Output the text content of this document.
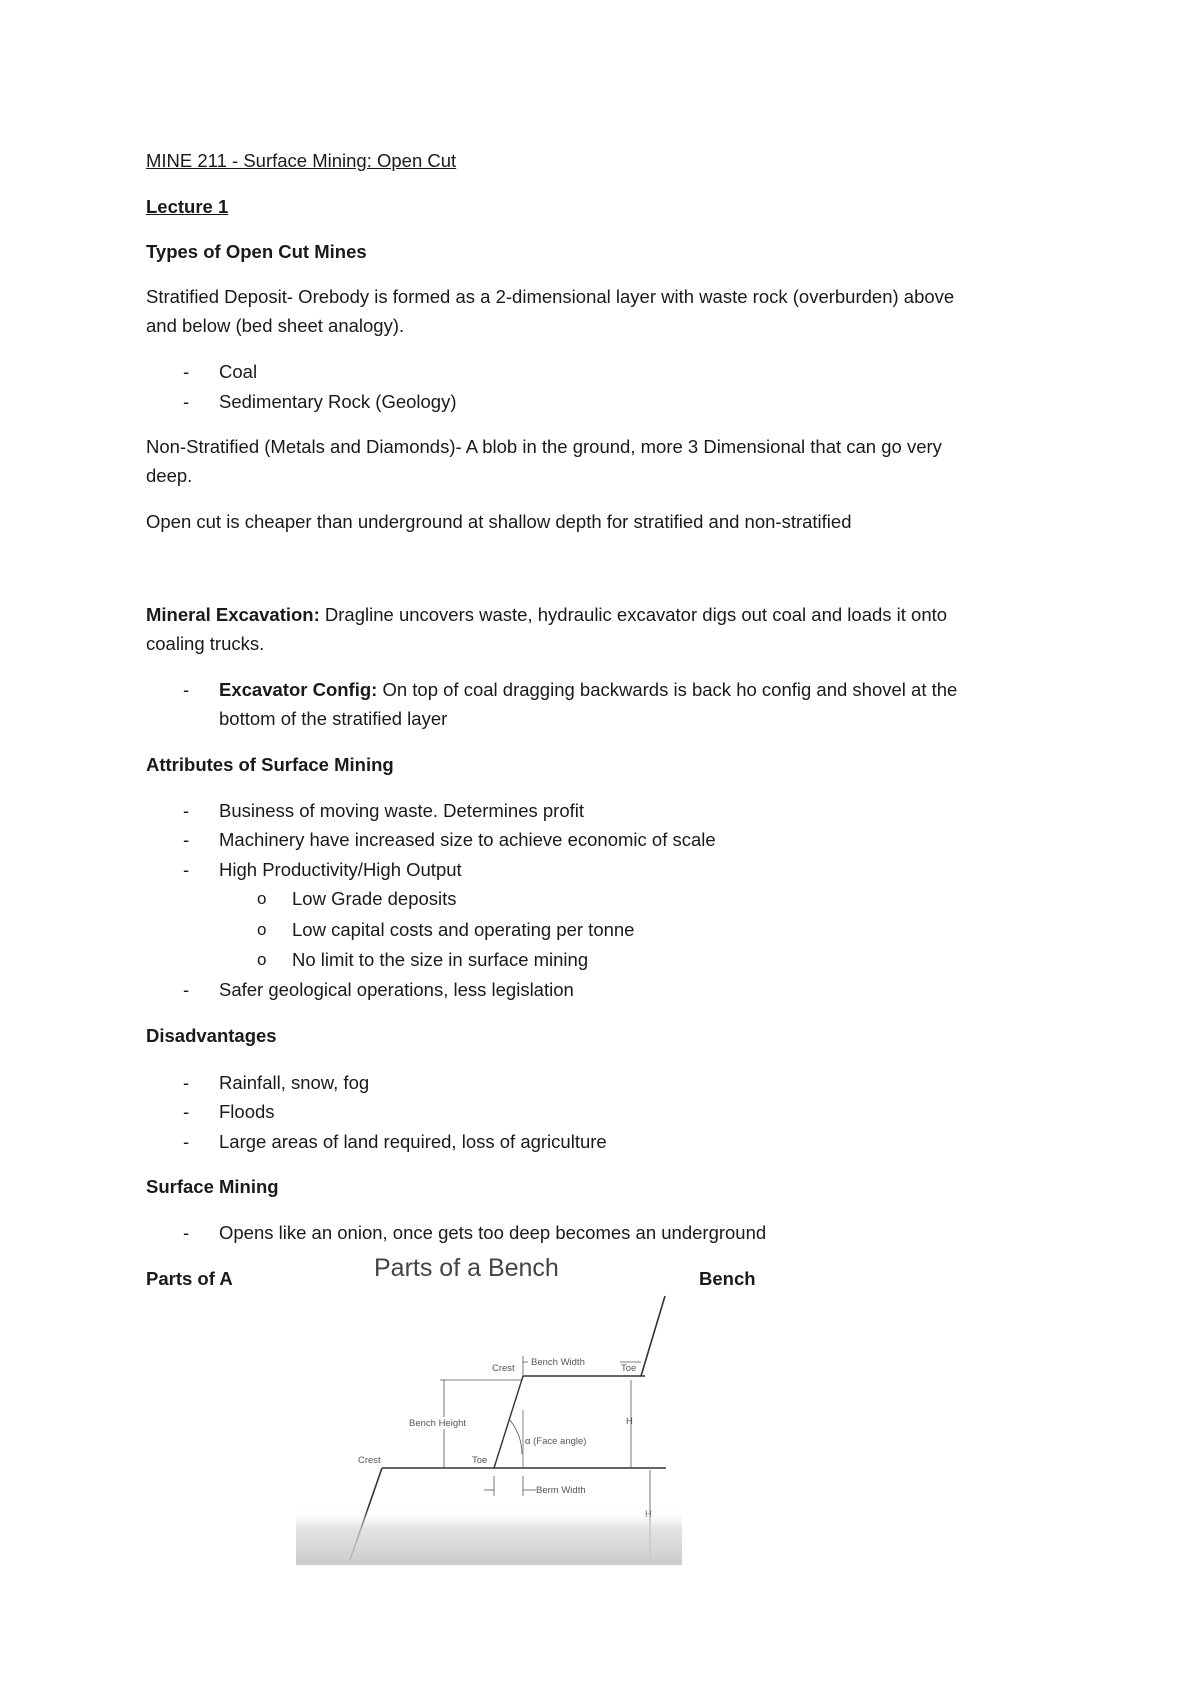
MINE 211 - Surface Mining: Open Cut

Lecture 1

Types of Open Cut Mines

Stratified Deposit- Orebody is formed as a 2-dimensional layer with waste rock (overburden) above

and below (bed sheet analogy).

- Coal
- Sedimentary Rock (Geology)

Non-Stratified (Metals and Diamonds)- A blob in the ground, more 3 Dimensional that can go very

deep.

Open cut is cheaper than underground at shallow depth for stratified and non-stratified

Mineral Excavation: Dragline uncovers waste, hydraulic excavator digs out coal and loads it onto

coaling trucks.

- Excavator Config: On top of coal dragging backwards is back ho config and shovel at the
bottom of the stratified layer

Attributes of Surface Mining

- Business of moving waste. Determines profit
- Machinery have increased size to achieve economic of scale
- High Productivity/High Output
o Low Grade deposits
o Low capital costs and operating per tonne
o No limit to the size in surface mining
- Safer geological operations, less legislation

Disadvantages

- Rainfall, snow, fog
- Floods
- Large areas of land required, loss of agriculture

Surface Mining

- Opens like an onion, once gets too deep becomes an underground

Parts of A	Bench

Parts of a Bench
Bench Width
Crest	Toe
Bench Height	H
α (Face angle)
Crest	Toe
Berm Width
